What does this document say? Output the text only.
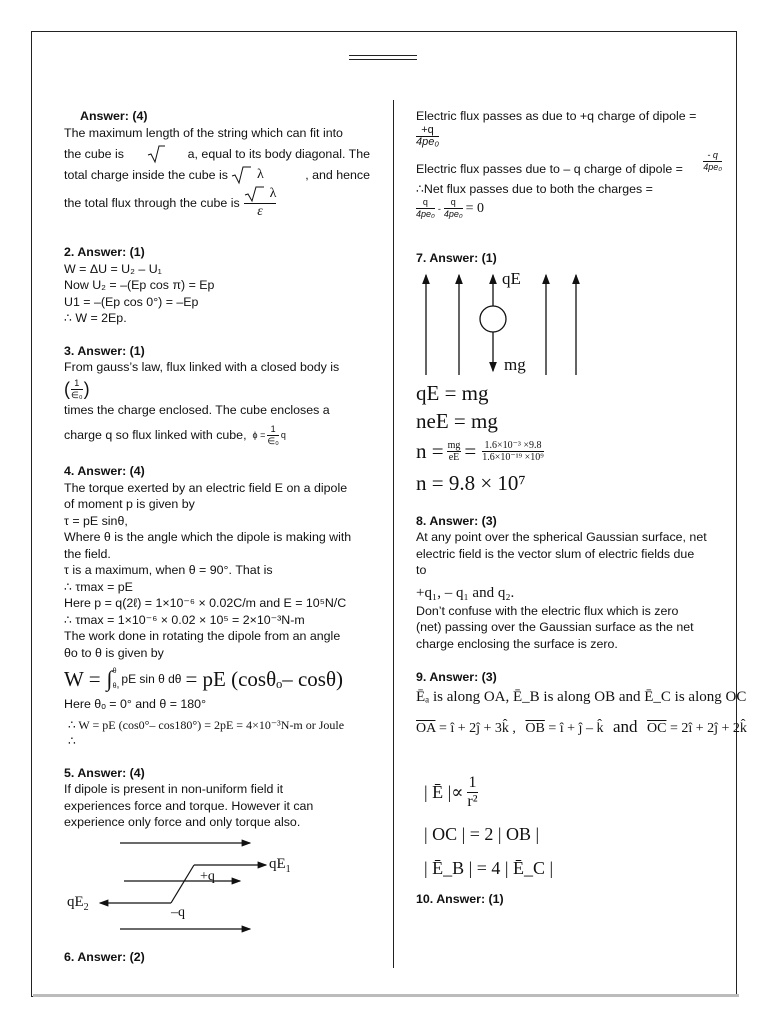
Answer: (4)

The maximum length of the string which can fit into

the cube is	a, equal to its body diagonal. The

total charge inside the cube is λ	, and hence

the total flux through the cube is
λ
ε

2. Answer: (1)

W = ΔU = U₂ – U₁

Now U₂ = –(Ep cos π) = Ep

U1 = –(Ep cos 0°) = –Ep

∴ W = 2Ep.

3. Answer: (1)

From gauss’s law, flux linked with a closed body is

( $\frac{1}{\text{∈₀}}$ )

times the charge enclosed. The cube encloses a

charge q so flux linked with cube, $\phi = \frac{1}{\text{∈₀}}$ q

4. Answer: (4)

The torque exerted by an electric field E on a dipole

of moment p is given by

τ = pE sinθ,

Where θ is the angle which the dipole is making with

the field.

τ is a maximum, when θ = 90°. That is

∴ τmax = pE

Here p = q(2ℓ) = 1×10⁻⁶ × 0.02C/m and E = 10⁵N/C

∴ τmax = 1×10⁻⁶ × 0.02 × 10⁵ = 2×10⁻³N-m

The work done in rotating the dipole from an angle

θo to θ is given by

W = ∫ θ
θ₀
pE sin θ dθ = pE (cosθₒ– cosθ)

Here θₒ = 0° and θ = 180°

∴ W = pE (cos0°– cos180°) = 2pE = 4×10⁻³N-m or Joule

∴

5. Answer: (4)

If dipole is present in non-uniform field it

experiences force and torque. However it can

experience only force and only torque also.

$qE_1$
+q
–q
$qE_2$

6. Answer: (2)

Electric flux passes as due to +q charge of dipole =

$\frac{+q}{\text{4pe₀}}$
Electric flux passes due to – q charge of dipole =	$\frac{- q}{\text{4pe₀}}$

∴Net flux passes due to both the charges =

$\frac{q}{\text{4pe₀}} - \frac{q}{\text{4pe₀}} = 0$

7. Answer: (1)

qE
mg

qE = mg

neE = mg

$n = \frac{mg}{eE} = \frac{\text{1.6×10⁻³ ×9.8}}{\text{1.6×10⁻¹⁹ ×10⁹}}$

n = 9.8 × 10⁷

8. Answer: (3)

At any point over the spherical Gaussian surface, net

electric field is the vector slum of electric fields due

to

+q₁, – q₁ and q₂.

Don’t confuse with the electric flux which is zero

(net) passing over the Gaussian surface as the net

charge enclosing the surface is zero.

9. Answer: (3)

Ēₐ is along OA, Ē_B is along OB and Ē_C is along OC

$\overline{OA}$ = î + 2ĵ + 3k̂ , $\overline{OB}$ = î + ĵ – k̂ and $\overline{OC}$ = 2î + 2ĵ + 2k̂
| Ē |∝ $\frac{1}{\text{r²}}$

| OC | = 2 | OB |

| Ē_B | = 4 | Ē_C |

10. Answer: (1)
